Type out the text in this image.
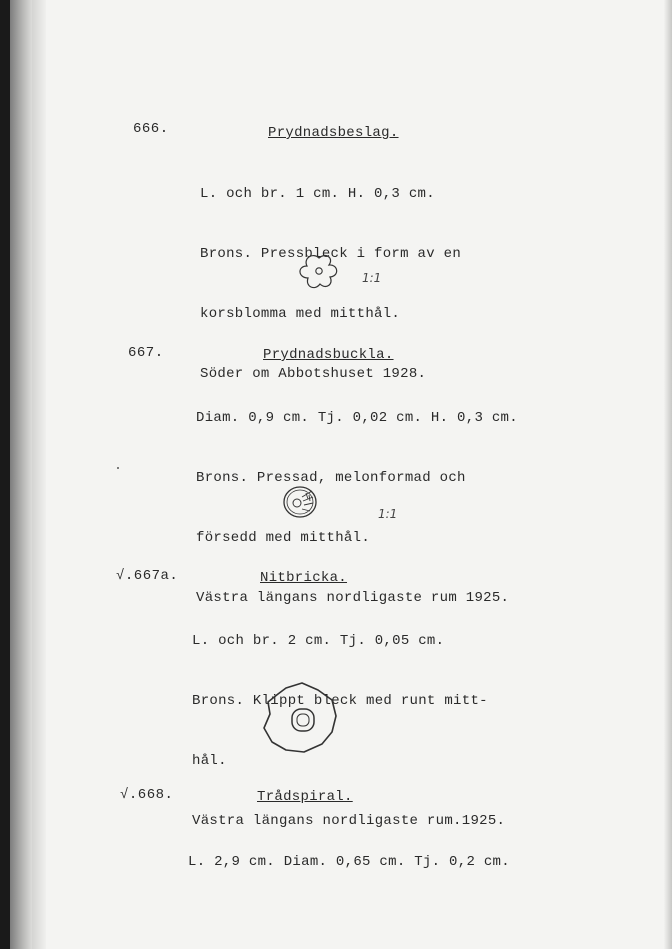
666.	Prydnadsbeslag.

L. och br. 1 cm. H. 0,3 cm.

Brons. Pressbleck i form av en

korsblomma med mitthål.

Söder om Abbotshuset 1928.

1:1
667.	Prydnadsbuckla.

Diam. 0,9 cm. Tj. 0,02 cm. H. 0,3 cm.

Brons. Pressad, melonformad och

försedd med mitthål.

Västra längans nordligaste rum 1925.

1:1
√.667a.	Nitbricka.

L. och br. 2 cm. Tj. 0,05 cm.

Brons. Klippt bleck med runt mitt-

hål.

Västra längans nordligaste rum.1925.

√.668.	Trådspiral.

L. 2,9 cm. Diam. 0,65 cm. Tj. 0,2 cm.
